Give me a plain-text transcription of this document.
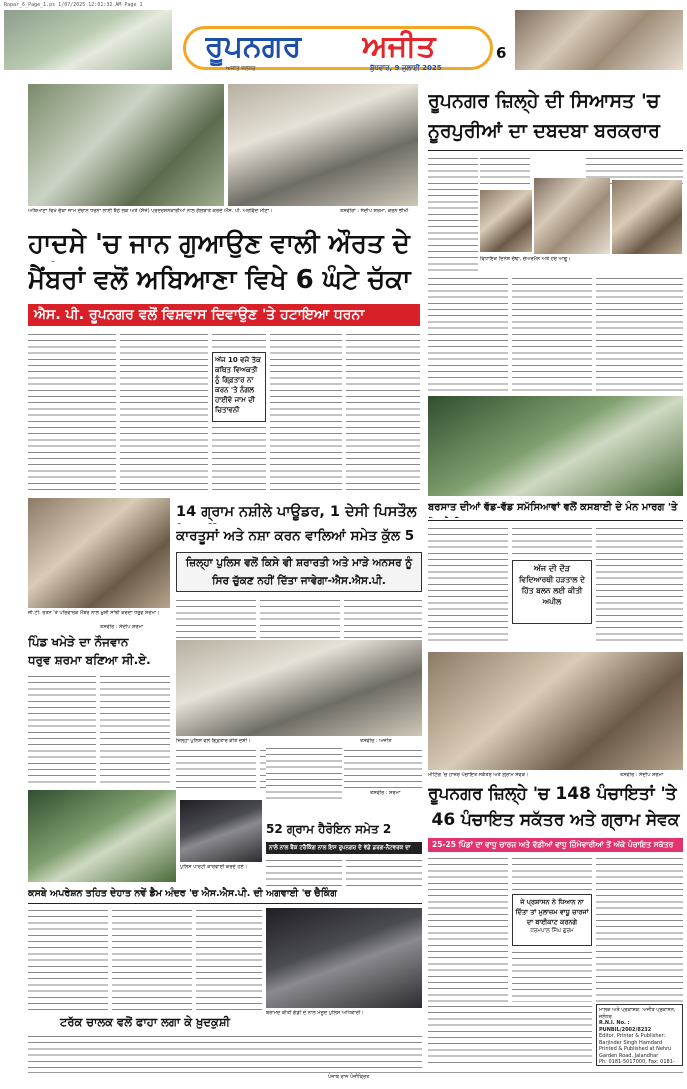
Ropar_6_Page_1.ps 1/07/2025 12:01:32 AM Page 1
ਰੂਪਨਗਰ	ਅਜੀਤ	6
ਅਜੀਤ ਜਲੰਧਰ	ਬੁੱਧਵਾਰ, 9 ਜੁਲਾਈ 2025
ਅਬਿਆਣਾ ਵਿਖੇ ਚੱਕਾ ਜਾਮ ਦੌਰਾਨ ਧਰਨਾ ਲਾਈ ਬੈਠੇ ਲੋਕ ਅਤੇ (ਸੱਜੇ) ਪ੍ਰਦਰਸ਼ਨਕਾਰੀਆਂ ਨਾਲ ਗੱਲਬਾਤ ਕਰਦੇ ਐੱਸ. ਪੀ. ਅਰਵਿੰਦ ਮੀਣਾ।	ਤਸਵੀਰਾਂ : ਸੰਦੀਪ ਸ਼ਰਮਾ, ਕਰਨ ਭੀਖੀ
ਹਾਦਸੇ 'ਚ ਜਾਨ ਗੁਆਉਣ ਵਾਲੀ ਔਰਤ ਦੇ
ਮੈਂਬਰਾਂ ਵਲੋਂ ਅਬਿਆਣਾ ਵਿਖੇ 6 ਘੰਟੇ ਚੱਕਾ
ਐਸ. ਪੀ. ਰੂਪਨਗਰ ਵਲੋਂ ਵਿਸ਼ਵਾਸ ਦਿਵਾਉਣ 'ਤੇ ਹਟਾਇਆ ਧਰਨਾ
ਅੱਜ 10 ਵਜੇ ਤੱਕ ਕਥਿਤ ਵਿਅਕਤੀ ਨੂੰ ਗਿ੍ਫ਼ਤਾਰ ਨਾ ਕਰਨ 'ਤੇ ਨੰਗਲ ਹਾਈਵੇ ਜਾਮ ਦੀ ਚਿਤਾਵਨੀ
ਰੂਪਨਗਰ ਜ਼ਿਲ੍ਹੇ ਦੀ ਸਿਆਸਤ 'ਚ
ਨੂਰਪੁਰੀਆਂ ਦਾ ਦਬਦਬਾ ਬਰਕਰਾਰ
ਵਿਧਾਇਕ ਦਿਨੇਸ਼ ਚੱਢਾ, ਚੇਅਰਮੈਨ ਅਤੇ ਹੋਰ ਆਗੂ।
ਜੀ.ਟੀ. ਰਤਨ 'ਤੇ ਪਰਿਵਾਰਕ ਮੈਂਬਰ ਨਾਲ ਖ਼ੁਸ਼ੀ ਸਾਂਝੀ ਕਰਦਾ ਧਰੁਵ ਸ਼ਰਮਾ।
ਤਸਵੀਰ : ਸੰਦੀਪ ਸ਼ਰਮਾ
14 ਗ੍ਰਾਮ ਨਸ਼ੀਲੇ ਪਾਊਡਰ, 1 ਦੇਸੀ ਪਿਸਤੌਲ
ਕਾਰਤੂਸਾਂ ਅਤੇ ਨਸ਼ਾ ਕਰਨ ਵਾਲਿਆਂ ਸਮੇਤ ਕੁੱਲ 5
ਜ਼ਿਲ੍ਹਾ ਪੁਲਿਸ ਵਲੋਂ ਕਿਸੇ ਵੀ ਸ਼ਰਾਰਤੀ ਅਤੇ ਮਾੜੇ ਅਨਸਰ ਨੂੰ ਸਿਰ ਚੁੱਕਣ ਨਹੀਂ ਦਿੱਤਾ ਜਾਵੇਗਾ-ਐਸ.ਐਸ.ਪੀ.
ਜ਼ਿਲ੍ਹਾ ਪੁਲਿਸ ਵਲੋਂ ਗਿ੍ਫ਼ਤਾਰ ਕੀਤੇ ਦੋਸ਼ੀ।	ਤਸਵੀਰ : ਅਜੀਤ
ਪਿੰਡ ਖਮੇੜੇ ਦਾ ਨੌਜਵਾਨ
ਧਰੁਵ ਸ਼ਰਮਾ ਬਣਿਆ ਸੀ.ਏ.
ਬਰਸਾਤ ਦੀਆਂ ਵੱਡ-ਵੱਡ ਸਮੱਸਿਆਵਾਂ ਵਲੋਂ ਕਸਬਾਈ ਦੇ ਮੰਨ ਮਾਰਗ 'ਤੇ
ਅੱਜ ਦੀ ਦੌੜ
ਵਿਦਿਆਰਥੀ ਹੜਤਾਲ ਦੇ ਹਿੱਤ ਬਲਨ ਲਈ ਕੀਤੀ ਅਪੀਲ
ਮੀਟਿੰਗ 'ਚ ਹਾਜ਼ਰ ਪੰਚਾਇਤ ਸਕੱਤਰ ਅਤੇ ਗ੍ਰਾਮ ਸੇਵਕ।	ਤਸਵੀਰ : ਸੰਦੀਪ ਸ਼ਰਮਾ
ਰੂਪਨਗਰ ਜ਼ਿਲ੍ਹੇ 'ਚ 148 ਪੰਚਾਇਤਾਂ 'ਤੇ
46 ਪੰਚਾਇਤ ਸਕੱਤਰ ਅਤੇ ਗ੍ਰਾਮ ਸੇਵਕ
25-25 ਪਿੰਡਾਂ ਦਾ ਵਾਧੂ ਚਾਰਜ ਅਤੇ ਵੱਡੀਆਂ ਵਾਧੂ ਜ਼ਿੰਮੇਵਾਰੀਆਂ ਤੋਂ ਅੱਕੇ ਪੰਚਾਇਤ ਸਕੱਤਰ
ਜੇ ਪ੍ਰਸ਼ਾਸਨ ਨੇ ਧਿਆਨ ਨਾ ਦਿੱਤਾ ਤਾਂ ਮੁਲਾਜ਼ਮ ਵਾਧੂ ਚਾਰਜਾਂ ਦਾ ਬਾਈਕਾਟ ਕਰਨਗੇ
ਧਰਮਪਾਲ ਸਿੰਘ ਗੁਰਮ
ਪੁਲਿਸ ਪਾਰਟੀ ਕਾਰਵਾਈ ਕਰਦੇ ਹੋਏ।
ਤਸਵੀਰ : ਸ਼ਰਮਾ
52 ਗ੍ਰਾਮ ਹੈਰੋਇਨ ਸਮੇਤ 2
ਨਾਲੋ ਨਾਲ ਬੈਕ ਟਰੈਕਿੰਗ ਨਾਲ ਇਸ ਰੂਪਨਗਰ ਦੇ ਵੱਡੇ ਡਰਗ-ਨੈਟਵਰਕ ਦਾ
ਕਸਬੇ ਅਪਰੇਸ਼ਨ ਤਹਿਤ ਦੇਹਾਤ ਨਵੇਂ ਡੈਮ ਅੰਦਰ 'ਚ ਐਸ.ਐਸ.ਪੀ. ਦੀ ਅਗਵਾਈ 'ਚ ਚੈਕਿੰਗ
ਬਰਾਮਦ ਕੀਤੀ ਗੱਡੀ ਦੇ ਨਾਲ ਮੌਜੂਦ ਪੁਲਿਸ ਅਧਿਕਾਰੀ।
ਟਰੱਕ ਚਾਲਕ ਵਲੋਂ ਫਾਹਾ ਲਗਾ ਕੇ ਖ਼ੁਦਕੁਸ਼ੀ
ਮਾਲਕ ਅਤੇ ਪ੍ਰਕਾਸ਼ਕ: ਅਜੀਤ ਪ੍ਰਕਾਸ਼ਨ, ਜਲੰਧਰ
R.N.I. No. : PUNBIL/2002/8232
Editor, Printer & Publisher: Barjinder Singh Hamdard
Printed & Published at Nehru Garden Road, Jalandhar
Ph: 0181-5017000, Fax: 0181-
ਪੰਜਾਬ ਰਾਜ ਪੰਜੀਕ੍ਰਿਤ
